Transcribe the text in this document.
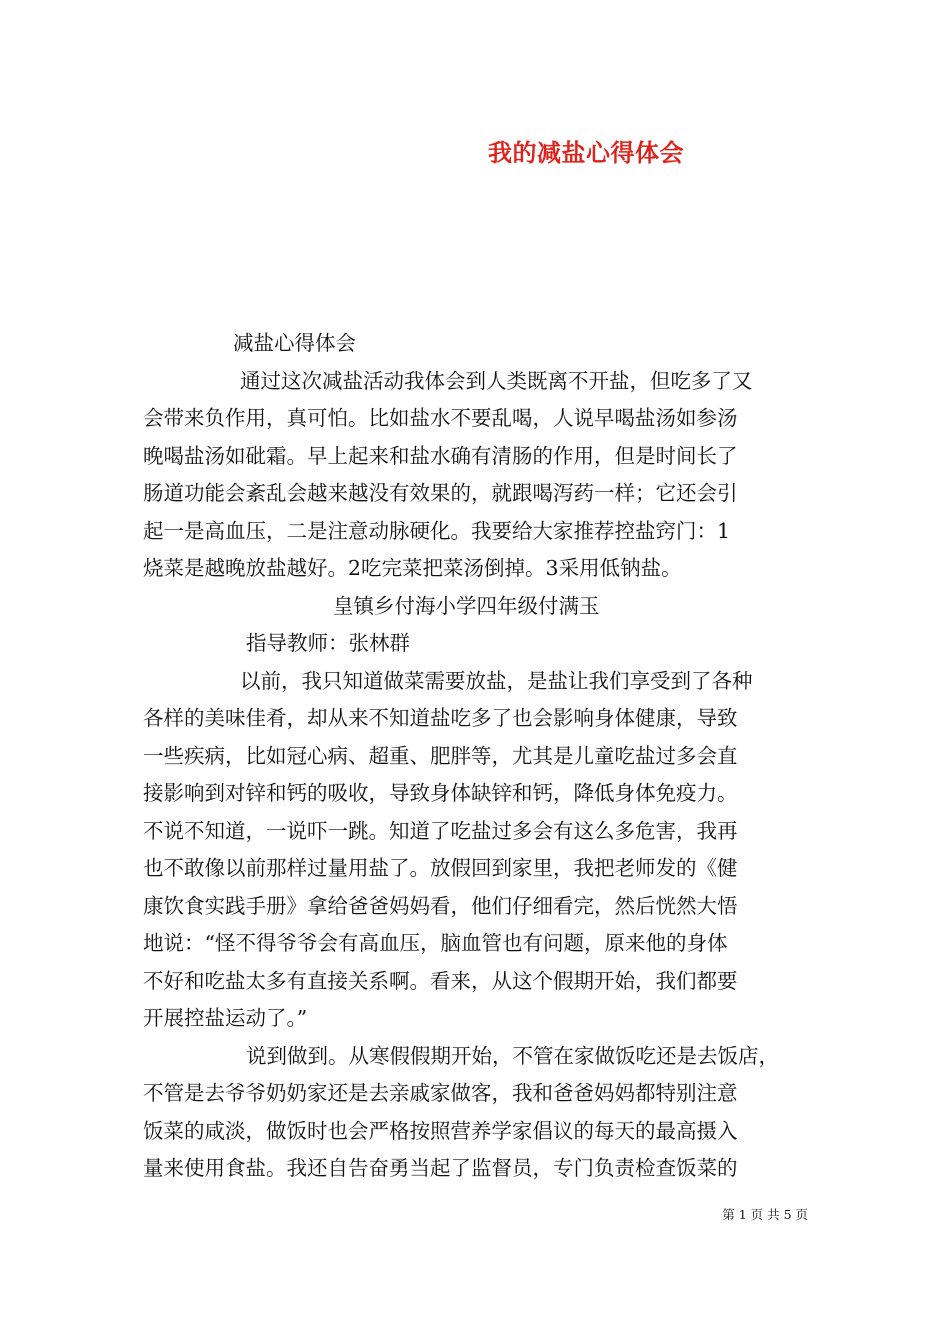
我的减盐心得体会
减盐心得体会
通过这次减盐活动我体会到人类既离不开盐，但吃多了又
会带来负作用，真可怕。比如盐水不要乱喝，人说早喝盐汤如参汤
晚喝盐汤如砒霜。早上起来和盐水确有清肠的作用，但是时间长了
肠道功能会紊乱会越来越没有效果的，就跟喝泻药一样；它还会引
起一是高血压，二是注意动脉硬化。我要给大家推荐控盐窍门：1
烧菜是越晚放盐越好。2吃完菜把菜汤倒掉。3采用低钠盐。
皇镇乡付海小学四年级付满玉
指导教师：张林群
以前，我只知道做菜需要放盐，是盐让我们享受到了各种
各样的美味佳肴，却从来不知道盐吃多了也会影响身体健康，导致
一些疾病，比如冠心病、超重、肥胖等，尤其是儿童吃盐过多会直
接影响到对锌和钙的吸收，导致身体缺锌和钙，降低身体免疫力。
不说不知道，一说吓一跳。知道了吃盐过多会有这么多危害，我再
也不敢像以前那样过量用盐了。放假回到家里，我把老师发的《健
康饮食实践手册》拿给爸爸妈妈看，他们仔细看完，然后恍然大悟
地说：“怪不得爷爷会有高血压，脑血管也有问题，原来他的身体
不好和吃盐太多有直接关系啊。看来，从这个假期开始，我们都要
开展控盐运动了。”
说到做到。从寒假假期开始，不管在家做饭吃还是去饭店，
不管是去爷爷奶奶家还是去亲戚家做客，我和爸爸妈妈都特别注意
饭菜的咸淡，做饭时也会严格按照营养学家倡议的每天的最高摄入
量来使用食盐。我还自告奋勇当起了监督员，专门负责检查饭菜的
第 1 页 共 5 页
